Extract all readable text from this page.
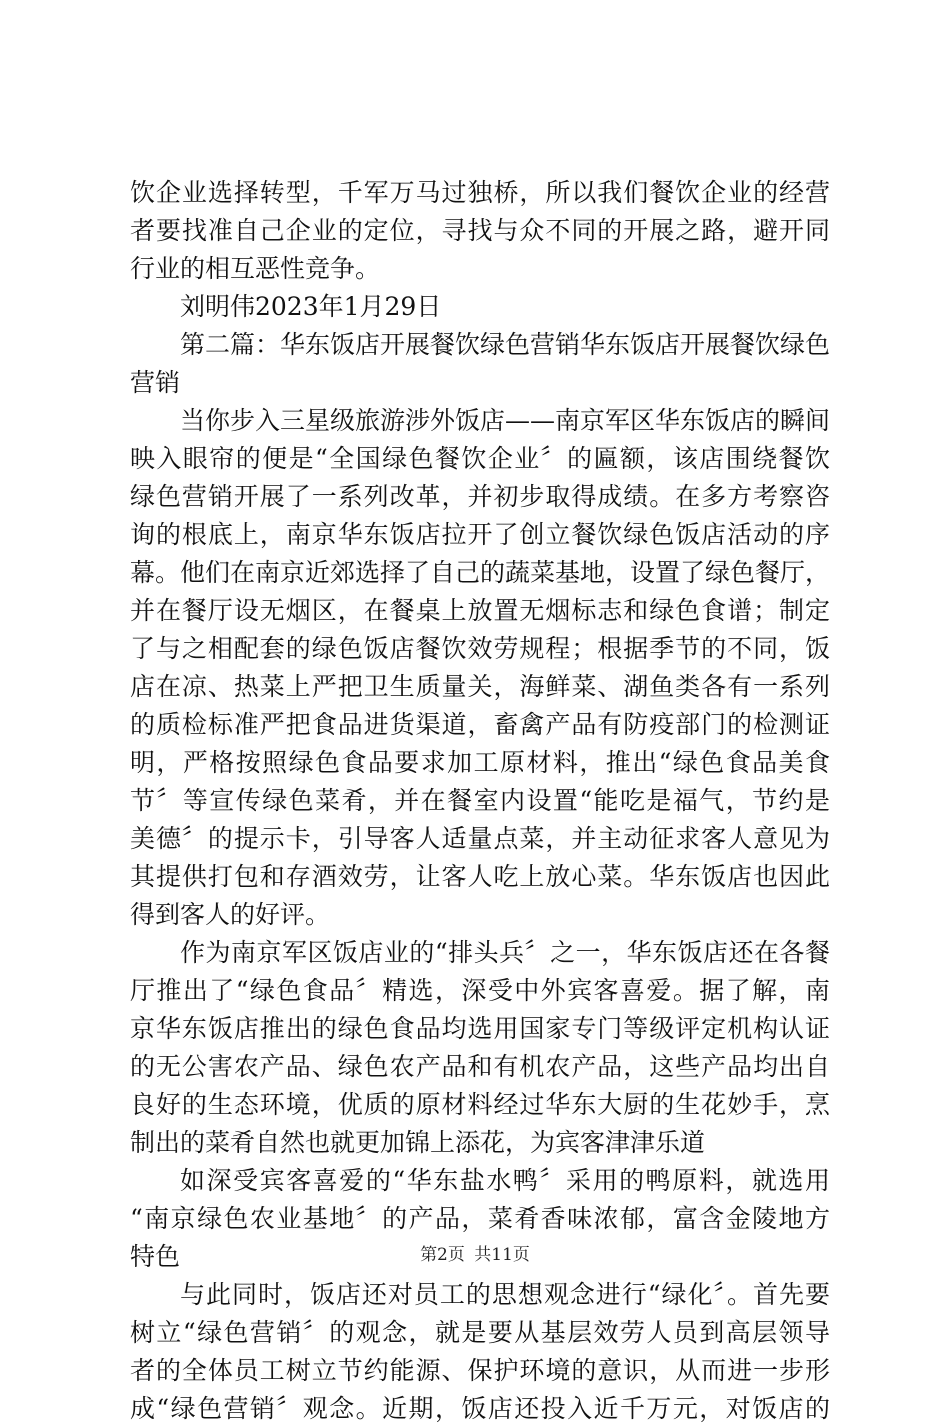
饮企业选择转型，千军万马过独桥，所以我们餐饮企业的经营
者要找准自己企业的定位，寻找与众不同的开展之路，避开同
行业的相互恶性竞争。
刘明伟2023年1月29日
第二篇：华东饭店开展餐饮绿色营销华东饭店开展餐饮绿色
营销
当你步入三星级旅游涉外饭店——南京军区华东饭店的瞬间
映入眼帘的便是“全国绿色餐饮企业〞的匾额，该店围绕餐饮
绿色营销开展了一系列改革，并初步取得成绩。在多方考察咨
询的根底上，南京华东饭店拉开了创立餐饮绿色饭店活动的序
幕。他们在南京近郊选择了自己的蔬菜基地，设置了绿色餐厅，
并在餐厅设无烟区，在餐桌上放置无烟标志和绿色食谱；制定
了与之相配套的绿色饭店餐饮效劳规程；根据季节的不同，饭
店在凉、热菜上严把卫生质量关，海鲜菜、湖鱼类各有一系列
的质检标准严把食品进货渠道，畜禽产品有防疫部门的检测证
明，严格按照绿色食品要求加工原材料，推出“绿色食品美食
节〞等宣传绿色菜肴，并在餐室内设置“能吃是福气，节约是
美德〞的提示卡，引导客人适量点菜，并主动征求客人意见为
其提供打包和存酒效劳，让客人吃上放心菜。华东饭店也因此
得到客人的好评。
作为南京军区饭店业的“排头兵〞之一，华东饭店还在各餐
厅推出了“绿色食品〞精选，深受中外宾客喜爱。据了解，南
京华东饭店推出的绿色食品均选用国家专门等级评定机构认证
的无公害农产品、绿色农产品和有机农产品，这些产品均出自
良好的生态环境，优质的原材料经过华东大厨的生花妙手，烹
制出的菜肴自然也就更加锦上添花，为宾客津津乐道
如深受宾客喜爱的“华东盐水鸭〞采用的鸭原料，就选用
“南京绿色农业基地〞的产品，菜肴香味浓郁，富含金陵地方
特色
与此同时，饭店还对员工的思想观念进行“绿化〞。首先要
树立“绿色营销〞的观念，就是要从基层效劳人员到高层领导
者的全体员工树立节约能源、保护环境的意识，从而进一步形
成“绿色营销〞观念。近期，饭店还投入近千万元，对饭店的
第2页 共11页
